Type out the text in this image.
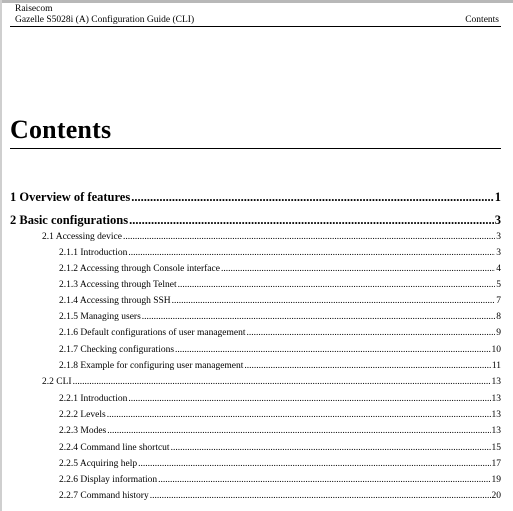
Raisecom
Gazelle S5028i (A) Configuration Guide (CLI)	Contents
Contents
1 Overview of features .....	1
2 Basic configurations .....	3
2.1 Accessing device .....	3
2.1.1 Introduction .....	3
2.1.2 Accessing through Console interface .....	4
2.1.3 Accessing through Telnet .....	5
2.1.4 Accessing through SSH .....	7
2.1.5 Managing users .....	8
2.1.6 Default configurations of user management .....	9
2.1.7 Checking configurations .....	10
2.1.8 Example for configuring user management .....	11
2.2 CLI .....	13
2.2.1 Introduction .....	13
2.2.2 Levels .....	13
2.2.3 Modes .....	13
2.2.4 Command line shortcut .....	15
2.2.5 Acquiring help .....	17
2.2.6 Display information .....	19
2.2.7 Command history .....	20
